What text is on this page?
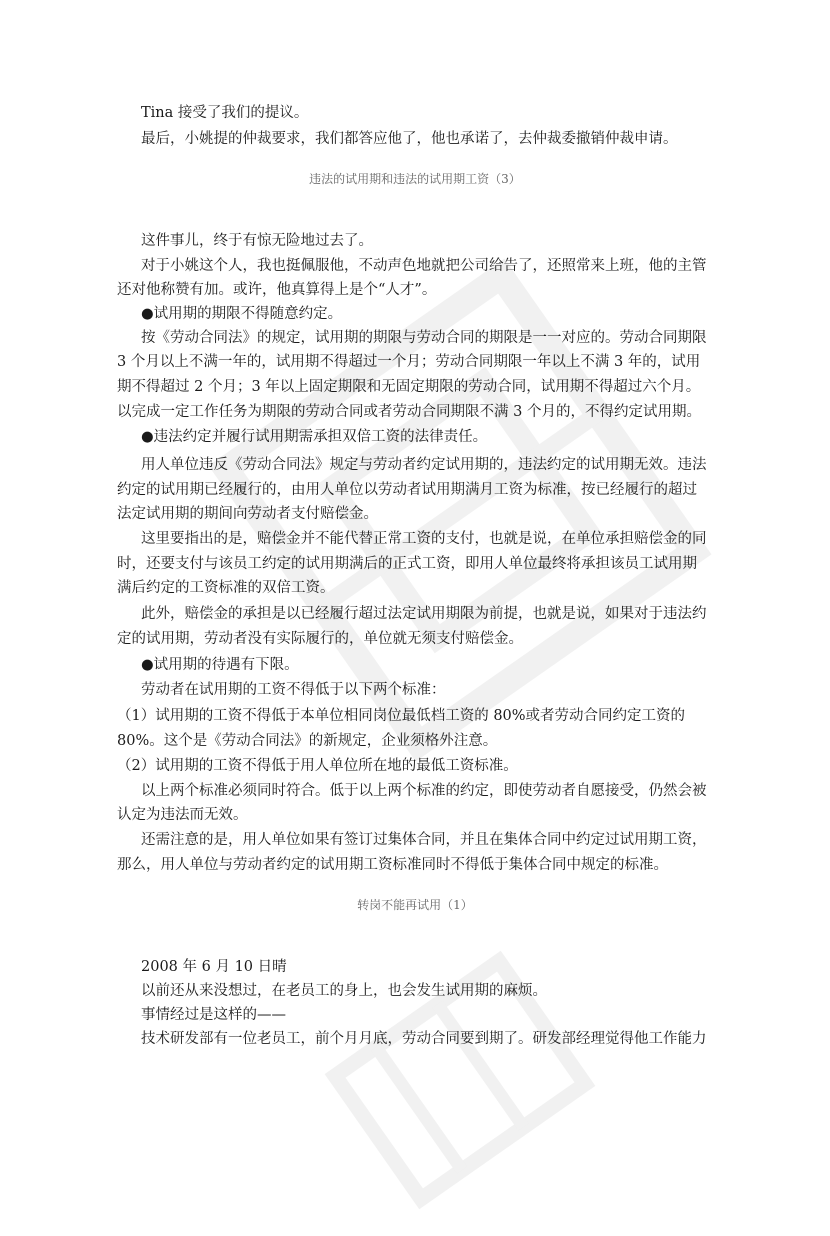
Tina 接受了我们的提议。
最后，小姚提的仲裁要求，我们都答应他了，他也承诺了，去仲裁委撤销仲裁申请。
违法的试用期和违法的试用期工资（3）
这件事儿，终于有惊无险地过去了。
对于小姚这个人，我也挺佩服他，不动声色地就把公司给告了，还照常来上班，他的主管
还对他称赞有加。或许，他真算得上是个“人才”。
●试用期的期限不得随意约定。
按《劳动合同法》的规定，试用期的期限与劳动合同的期限是一一对应的。劳动合同期限
3 个月以上不满一年的，试用期不得超过一个月；劳动合同期限一年以上不满 3 年的，试用
期不得超过 2 个月；3 年以上固定期限和无固定期限的劳动合同，试用期不得超过六个月。
以完成一定工作任务为期限的劳动合同或者劳动合同期限不满 3 个月的，不得约定试用期。
●违法约定并履行试用期需承担双倍工资的法律责任。
用人单位违反《劳动合同法》规定与劳动者约定试用期的，违法约定的试用期无效。违法
约定的试用期已经履行的，由用人单位以劳动者试用期满月工资为标准，按已经履行的超过
法定试用期的期间向劳动者支付赔偿金。
这里要指出的是，赔偿金并不能代替正常工资的支付，也就是说，在单位承担赔偿金的同
时，还要支付与该员工约定的试用期满后的正式工资，即用人单位最终将承担该员工试用期
满后约定的工资标准的双倍工资。
此外，赔偿金的承担是以已经履行超过法定试用期限为前提，也就是说，如果对于违法约
定的试用期，劳动者没有实际履行的，单位就无须支付赔偿金。
●试用期的待遇有下限。
劳动者在试用期的工资不得低于以下两个标准：
（1）试用期的工资不得低于本单位相同岗位最低档工资的 80%或者劳动合同约定工资的
80%。这个是《劳动合同法》的新规定，企业须格外注意。
（2）试用期的工资不得低于用人单位所在地的最低工资标准。
以上两个标准必须同时符合。低于以上两个标准的约定，即使劳动者自愿接受，仍然会被
认定为违法而无效。
还需注意的是，用人单位如果有签订过集体合同，并且在集体合同中约定过试用期工资，
那么，用人单位与劳动者约定的试用期工资标准同时不得低于集体合同中规定的标准。
转岗不能再试用（1）
2008 年 6 月 10 日晴
以前还从来没想过，在老员工的身上，也会发生试用期的麻烦。
事情经过是这样的——
技术研发部有一位老员工，前个月月底，劳动合同要到期了。研发部经理觉得他工作能力
